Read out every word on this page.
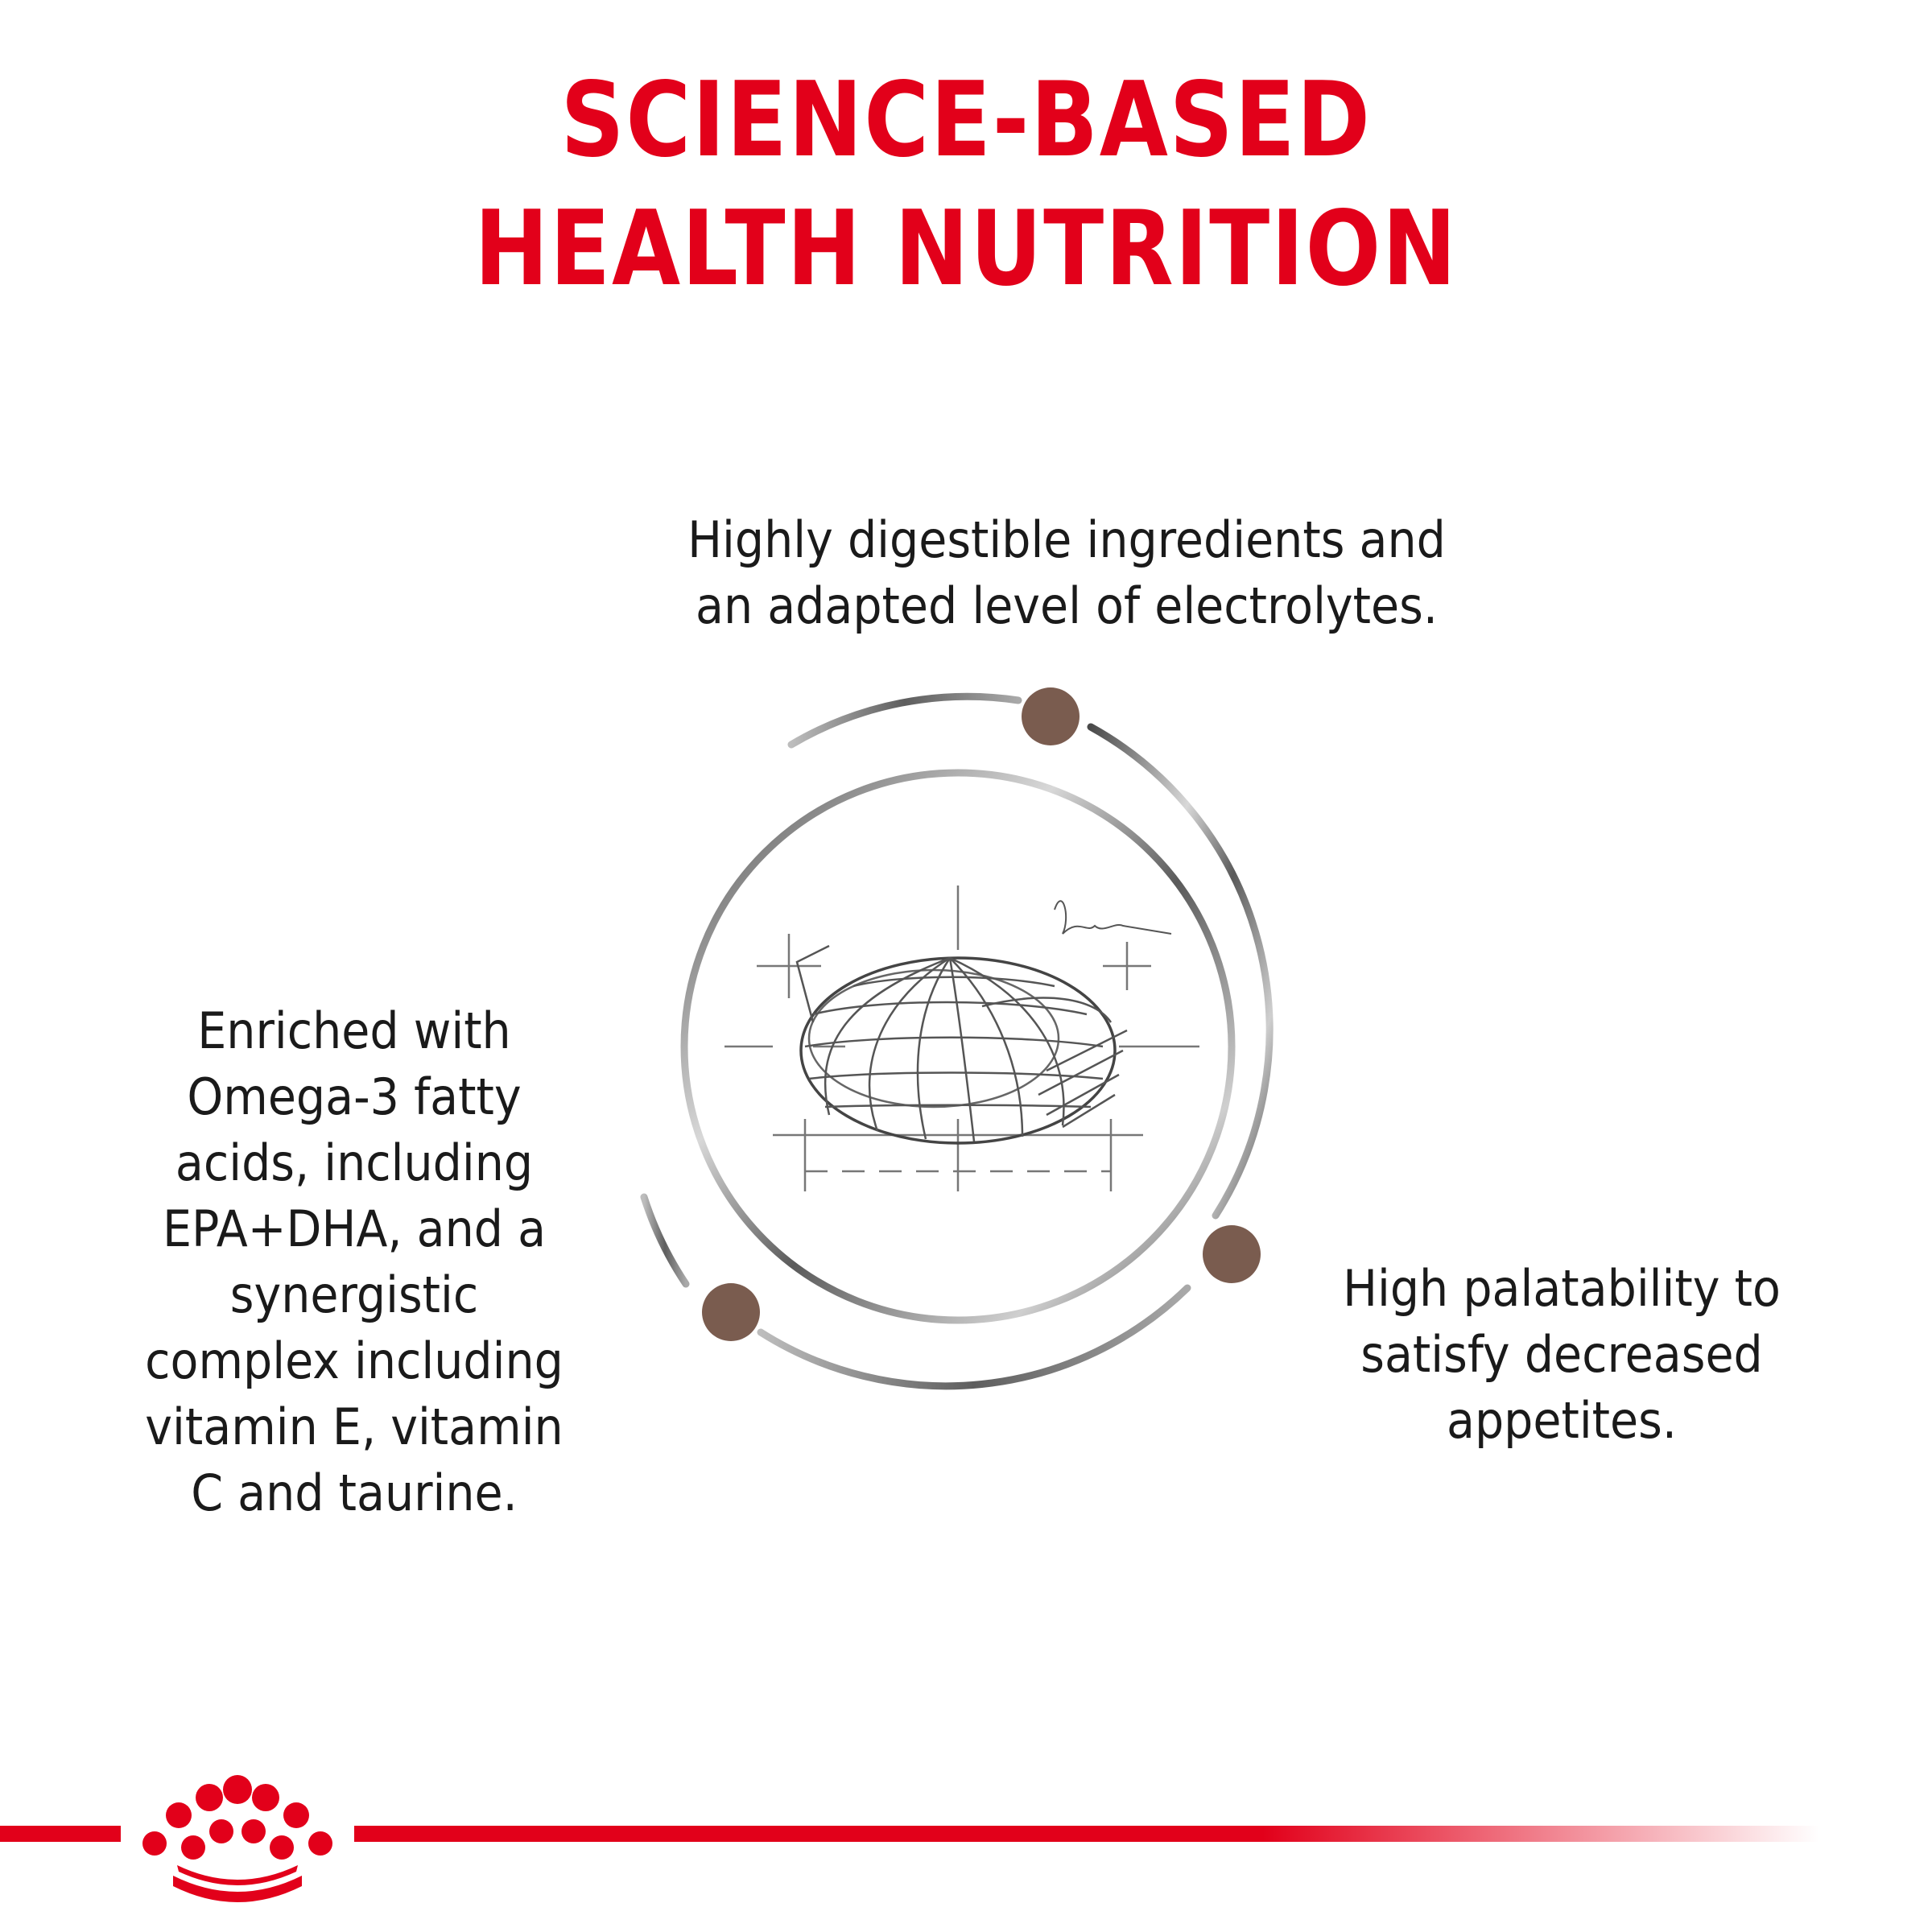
SCIENCE-BASED
HEALTH NUTRITION
Highly digestible ingredients and
an adapted level of electrolytes.
Enriched with
Omega-3 fatty
acids, including
EPA+DHA, and a
synergistic
complex including
vitamin E, vitamin
C and taurine.
High palatability to
satisfy decreased
appetites.
